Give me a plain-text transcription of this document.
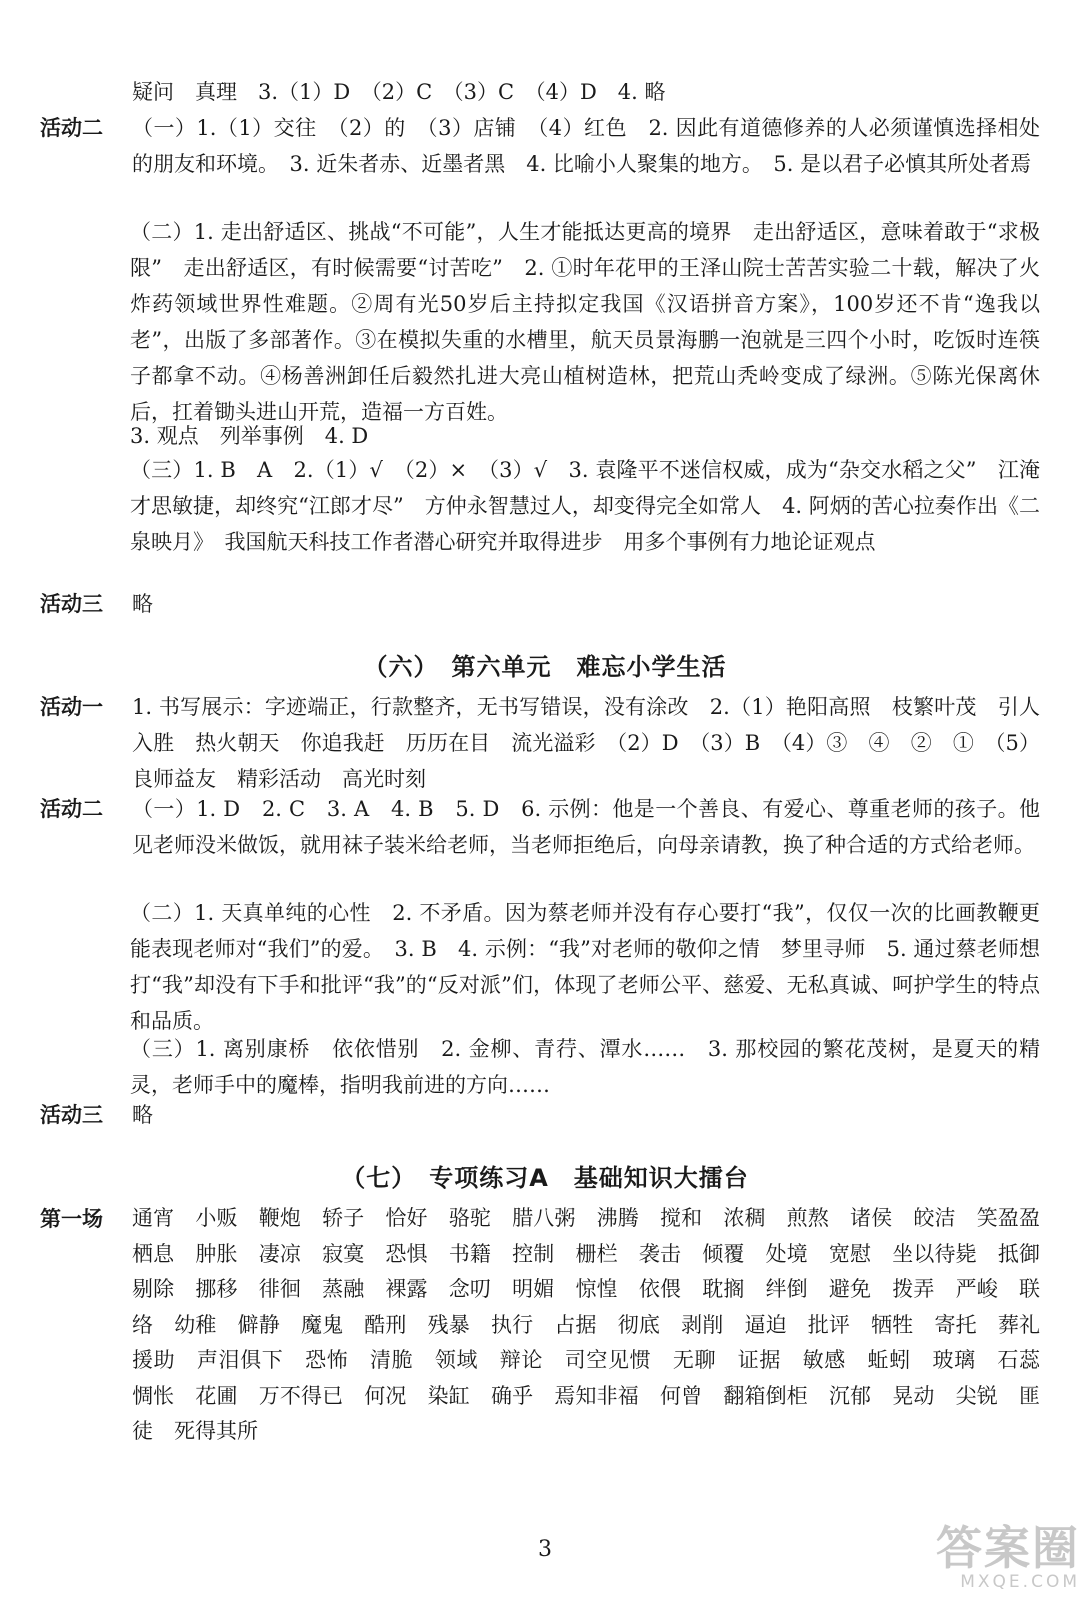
疑问　真理　3.（1）D　（2）C　（3）C　（4）D　4. 略
活动二	（一）1.（1）交往　（2）的　（3）店铺　（4）红色　2. 因此有道德修养的人必须谨慎选择相处的朋友和环境。　3. 近朱者赤、近墨者黑　4. 比喻小人聚集的地方。　5. 是以君子必慎其所处者焉
（二）1. 走出舒适区、挑战“不可能”，人生才能抵达更高的境界　走出舒适区，意味着敢于“求极限”　走出舒适区，有时候需要“讨苦吃”　2. ①时年花甲的王泽山院士苦苦实验二十载，解决了火炸药领域世界性难题。②周有光50岁后主持拟定我国《汉语拼音方案》，100岁还不肯“逸我以老”，出版了多部著作。③在模拟失重的水槽里，航天员景海鹏一泡就是三四个小时，吃饭时连筷子都拿不动。④杨善洲卸任后毅然扎进大亮山植树造林，把荒山秃岭变成了绿洲。⑤陈光保离休后，扛着锄头进山开荒，造福一方百姓。
3. 观点　列举事例　4. D
（三）1. B　A　2.（1）√　（2）×　（3）√　3. 袁隆平不迷信权威，成为“杂交水稻之父”　江淹才思敏捷，却终究“江郎才尽”　方仲永智慧过人，却变得完全如常人　4. 阿炳的苦心拉奏作出《二泉映月》　我国航天科技工作者潜心研究并取得进步　用多个事例有力地论证观点
活动三	略
（六）　第六单元　难忘小学生活
活动一	1. 书写展示：字迹端正，行款整齐，无书写错误，没有涂改　2.（1）艳阳高照　枝繁叶茂　引人入胜　热火朝天　你追我赶　历历在目　流光溢彩　（2）D　（3）B　（4）③　④　②　①　（5）良师益友　精彩活动　高光时刻
活动二	（一）1. D　2. C　3. A　4. B　5. D　6. 示例：他是一个善良、有爱心、尊重老师的孩子。他见老师没米做饭，就用袜子装米给老师，当老师拒绝后，向母亲请教，换了种合适的方式给老师。
（二）1. 天真单纯的心性　2. 不矛盾。因为蔡老师并没有存心要打“我”，仅仅一次的比画教鞭更能表现老师对“我们”的爱。　3. B　4. 示例：“我”对老师的敬仰之情　梦里寻师　5. 通过蔡老师想打“我”却没有下手和批评“我”的“反对派”们，体现了老师公平、慈爱、无私真诚、呵护学生的特点和品质。
（三）1. 离别康桥　依依惜别　2. 金柳、青荇、潭水……　3. 那校园的繁花茂树，是夏天的精灵，老师手中的魔棒，指明我前进的方向……
活动三	略
（七）　专项练习A　基础知识大擂台
第一场	通宵　小贩　鞭炮　轿子　恰好　骆驼　腊八粥　沸腾　搅和　浓稠　煎熬　诸侯　皎洁　笑盈盈　栖息　肿胀　凄凉　寂寞　恐惧　书籍　控制　栅栏　袭击　倾覆　处境　宽慰　坐以待毙　抵御　剔除　挪移　徘徊　蒸融　裸露　念叨　明媚　惊惶　依偎　耽搁　绊倒　避免　拨弄　严峻　联络　幼稚　僻静　魔鬼　酷刑　残暴　执行　占据　彻底　剥削　逼迫　批评　牺牲　寄托　葬礼　援助　声泪俱下　恐怖　清脆　领域　辩论　司空见惯　无聊　证据　敏感　蚯蚓　玻璃　石蕊　惆怅　花圃　万不得已　何况　染缸　确乎　焉知非福　何曾　翻箱倒柜　沉郁　晃动　尖锐　匪徒　死得其所
3	答案圈
MXQE.COM
